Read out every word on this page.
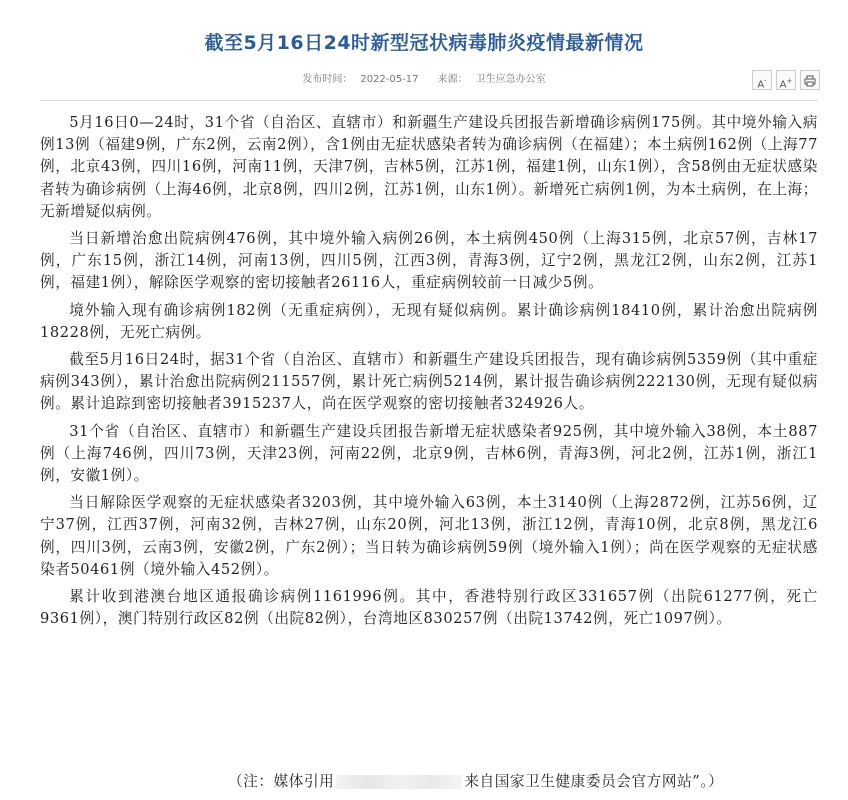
截至5月16日24时新型冠状病毒肺炎疫情最新情况
发布时间： 2022-05-17 来源： 卫生应急办公室	A-	A+

5月16日0—24时，31个省（自治区、直辖市）和新疆生产建设兵团报告新增确诊病例175例。其中境外输入病例13例（福建9例，广东2例，云南2例），含1例由无症状感染者转为确诊病例（在福建）；本土病例162例（上海77例，北京43例，四川16例，河南11例，天津7例，吉林5例，江苏1例，福建1例，山东1例），含58例由无症状感染者转为确诊病例（上海46例，北京8例，四川2例，江苏1例，山东1例）。新增死亡病例1例，为本土病例，在上海；无新增疑似病例。

当日新增治愈出院病例476例，其中境外输入病例26例，本土病例450例（上海315例，北京57例，吉林17例，广东15例，浙江14例，河南13例，四川5例，江西3例，青海3例，辽宁2例，黑龙江2例，山东2例，江苏1例，福建1例），解除医学观察的密切接触者26116人，重症病例较前一日减少5例。

境外输入现有确诊病例182例（无重症病例），无现有疑似病例。累计确诊病例18410例，累计治愈出院病例18228例，无死亡病例。

截至5月16日24时，据31个省（自治区、直辖市）和新疆生产建设兵团报告，现有确诊病例5359例（其中重症病例343例），累计治愈出院病例211557例，累计死亡病例5214例，累计报告确诊病例222130例，无现有疑似病例。累计追踪到密切接触者3915237人，尚在医学观察的密切接触者324926人。

31个省（自治区、直辖市）和新疆生产建设兵团报告新增无症状感染者925例，其中境外输入38例，本土887例（上海746例，四川73例，天津23例，河南22例，北京9例，吉林6例，青海3例，河北2例，江苏1例，浙江1例，安徽1例）。

当日解除医学观察的无症状感染者3203例，其中境外输入63例，本土3140例（上海2872例，江苏56例，辽宁37例，江西37例，河南32例，吉林27例，山东20例，河北13例，浙江12例，青海10例，北京8例，黑龙江6例，四川3例，云南3例，安徽2例，广东2例）；当日转为确诊病例59例（境外输入1例）；尚在医学观察的无症状感染者50461例（境外输入452例）。

累计收到港澳台地区通报确诊病例1161996例。其中，香港特别行政区331657例（出院61277例，死亡9361例），澳门特别行政区82例（出院82例），台湾地区830257例（出院13742例，死亡1097例）。

（注：媒体引用	来自国家卫生健康委员会官方网站”。）
